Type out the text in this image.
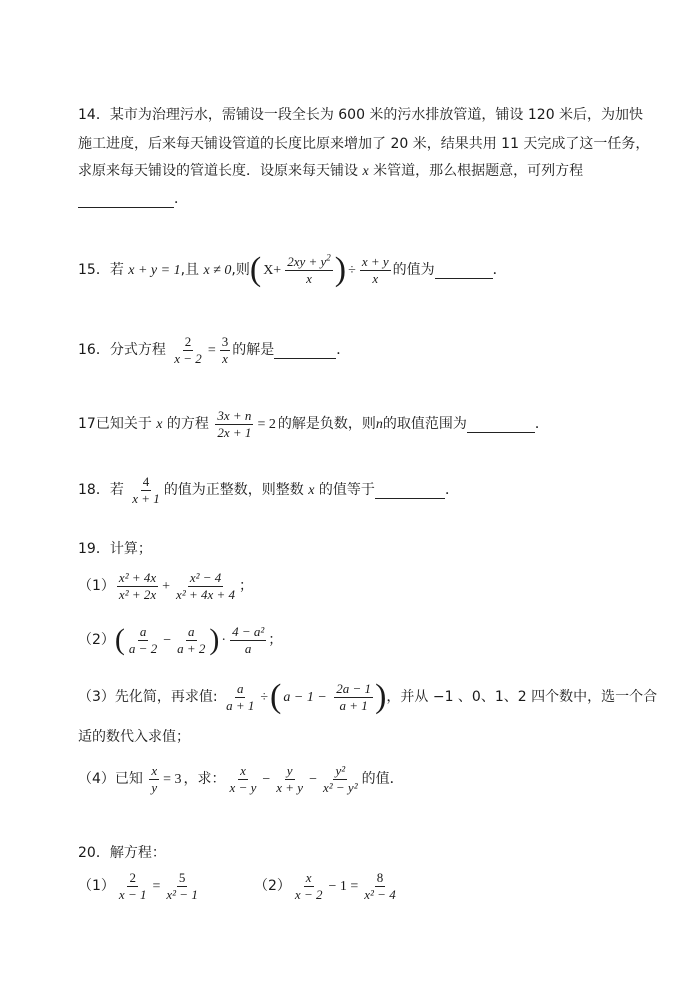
14．某市为治理污水，需铺设一段全长为 600 米的污水排放管道，铺设 120 米后，为加快
施工进度，后来每天铺设管道的长度比原来增加了 20 米，结果共用 11 天完成了这一任务，
求原来每天铺设的管道长度．设原来每天铺设 x 米管道，那么根据题意，可列方程
．
15．若 x + y = 1,且 x ≠ 0,则( $X+ \frac{2xy + y^2}{x}$ ) ÷ $\frac{x + y}{x}$ 的值为	．
16．分式方程 $\frac{2}{x - 2} = \frac{3}{x}$ 的解是	．
17已知关于 x 的方程 $\frac{3x + n}{2x + 1} = 2$ 的解是负数，则n的取值范围为	．
18．若 $\frac{4}{x + 1}$ 的值为正整数，则整数 x 的值等于	．
19．计算；
$(1) \frac{\text{x² + 4x}}{\text{x² + 2x}} + \frac{\text{x² − 4}}{\text{x² + 4x + 4}}$ ；
$(2)( \frac{a}{a - 2} - \frac{a}{a + 2}$ ) · $\frac{\text{4 − a²}}{a}$ ；
（3）先化简，再求值: $\frac{a}{a + 1}$ ÷( $a - 1 - \frac{2a - 1}{a + 1}$ )，并从 −1 、0、1、2 四个数中，选一个合
适的数代入求值；
（4）已知 $\frac{x}{y} = 3$ ，求： $\frac{x}{x - y} - \frac{y}{x + y} - \frac{\text{y²}}{\text{x² − y²}}$ 的值．
20．解方程：
$(1) \frac{2}{x - 1} = \frac{5}{\text{x² − 1}}$	$(2) \frac{x}{x - 2} - 1 = \frac{8}{\text{x² − 4}}$
